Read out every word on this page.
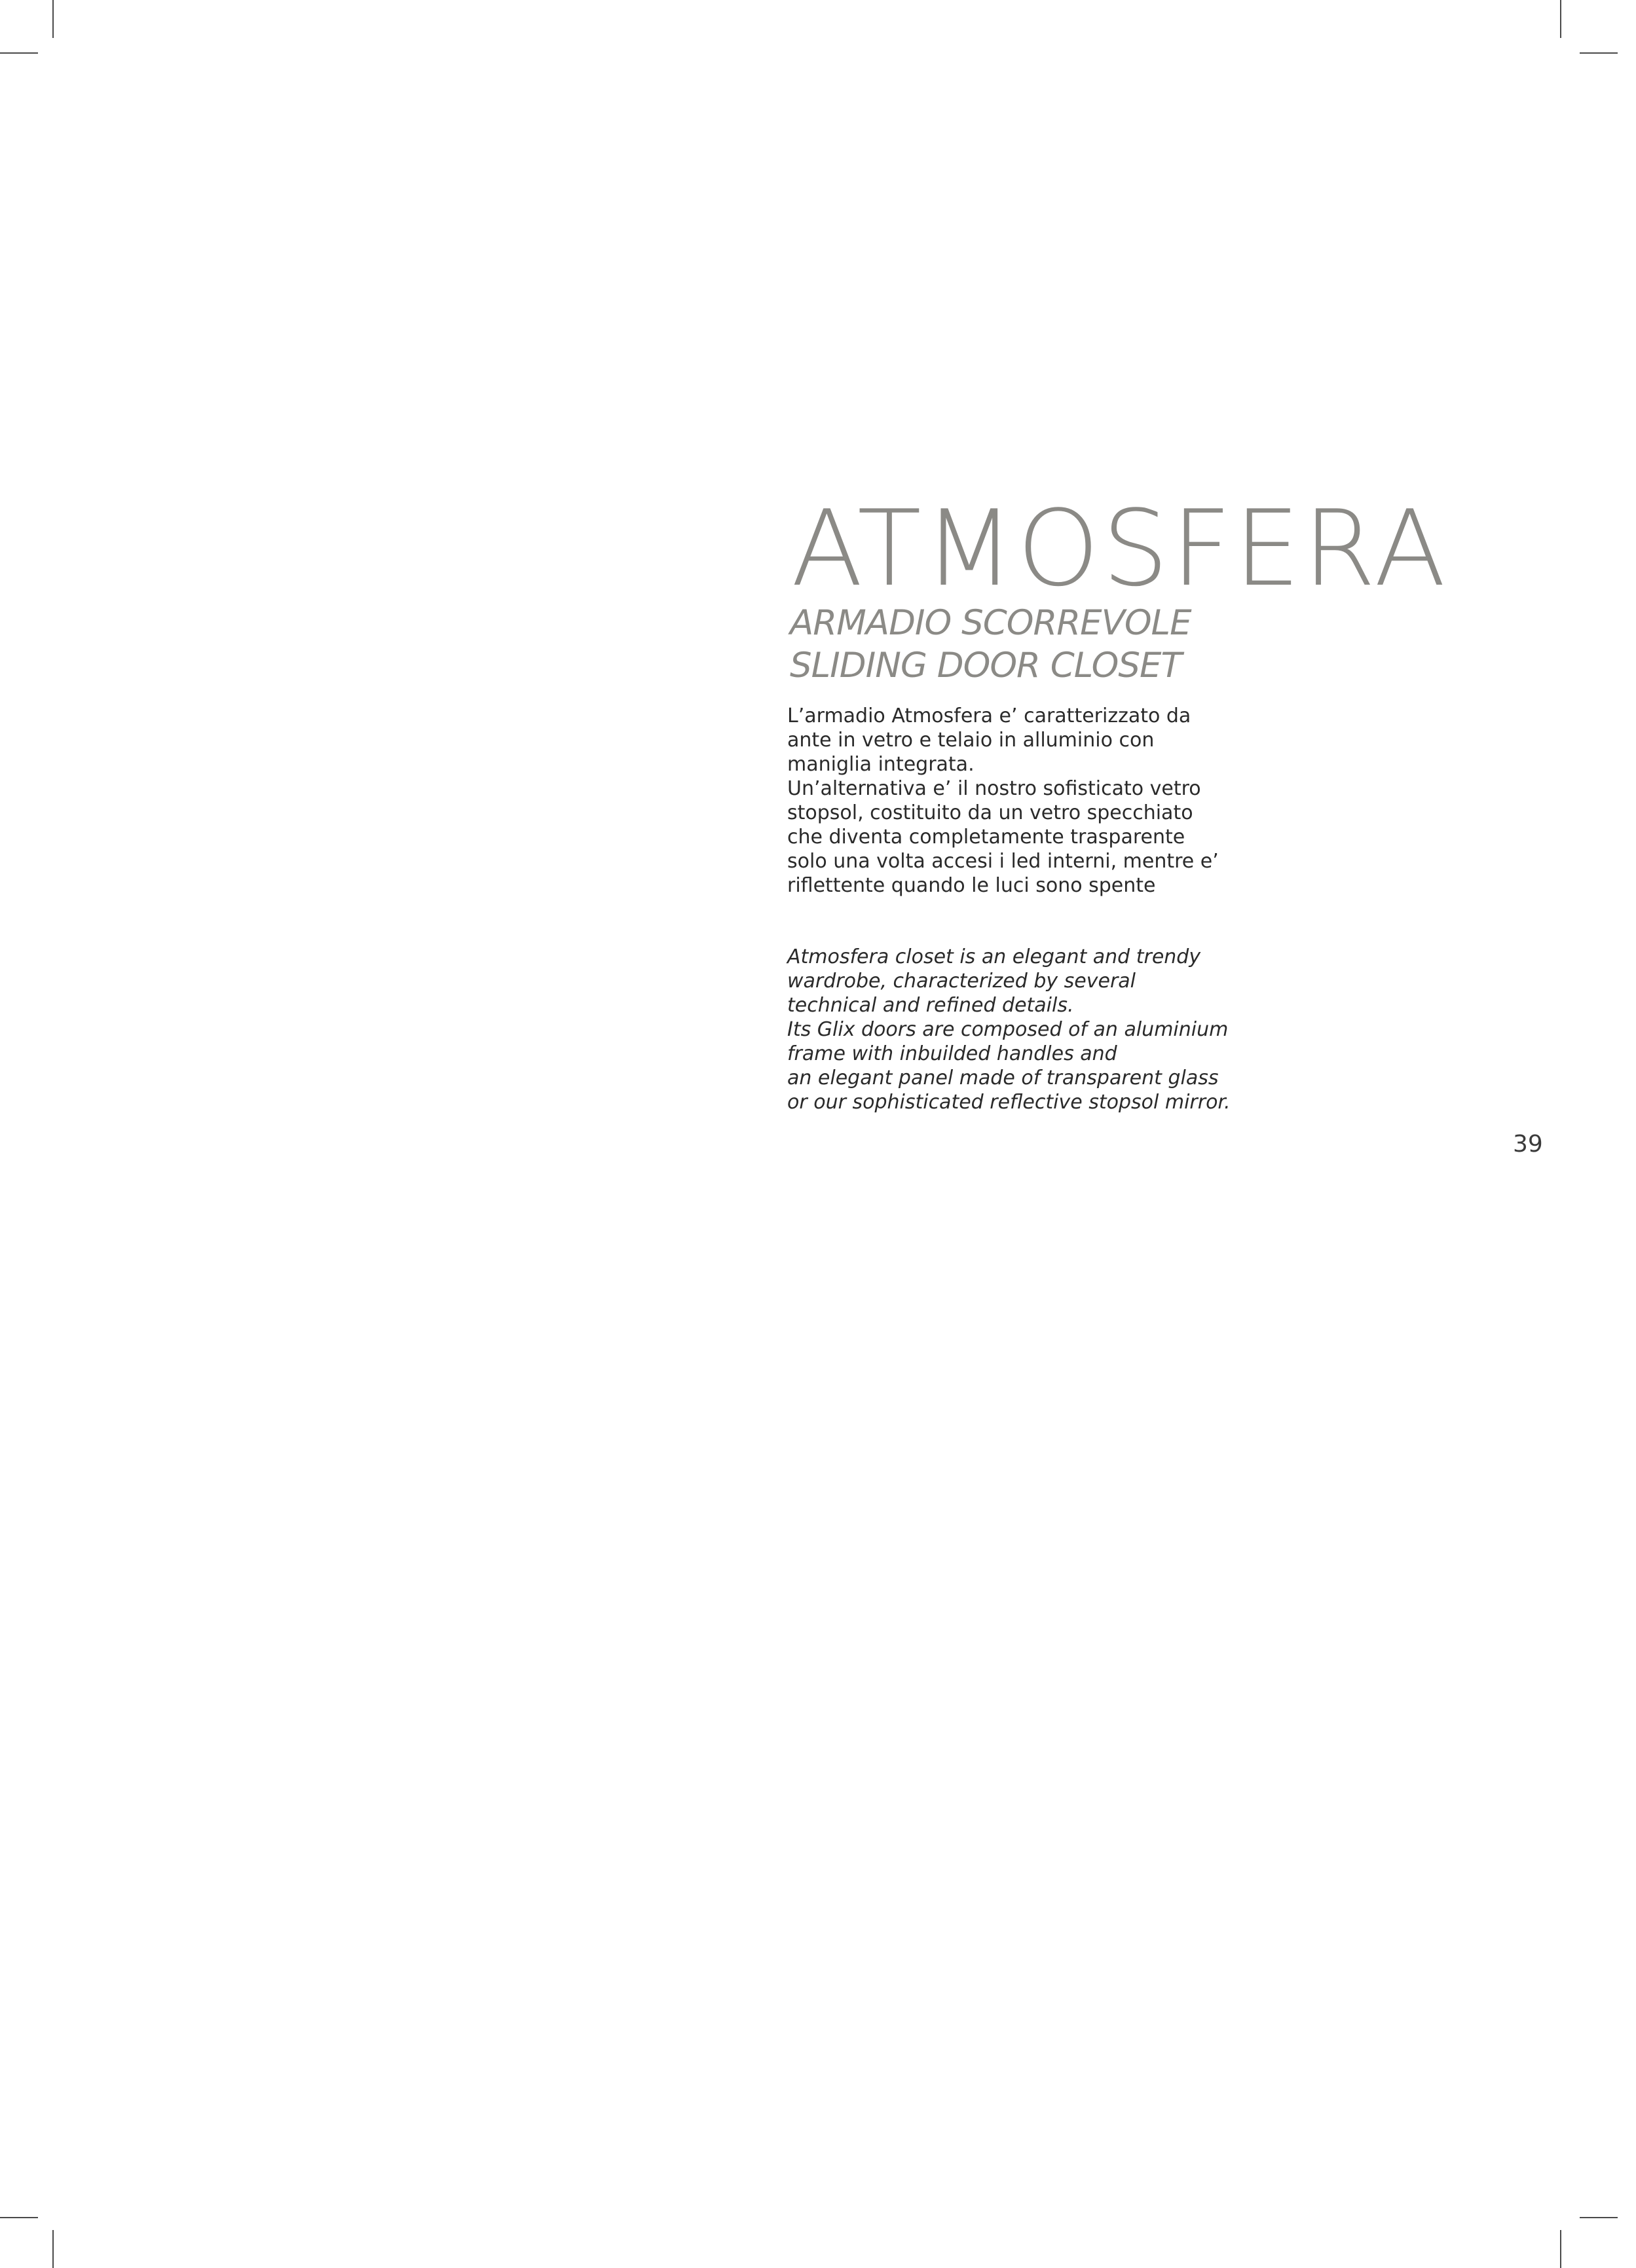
ATMOSFERA

ARMADIO SCORREVOLE

SLIDING DOOR CLOSET

L’armadio Atmosfera e’ caratterizzato da
ante in vetro e telaio in alluminio con
maniglia integrata.
Un’alternativa e’ il nostro sofisticato vetro
stopsol, costituito da un vetro specchiato
che diventa completamente trasparente
solo una volta accesi i led interni, mentre e’
riflettente quando le luci sono spente

Atmosfera closet is an elegant and trendy
wardrobe, characterized by several
technical and refined details.
Its Glix doors are composed of an aluminium
frame with inbuilded handles and
an elegant panel made of transparent glass
or our sophisticated reflective stopsol mirror.

39
